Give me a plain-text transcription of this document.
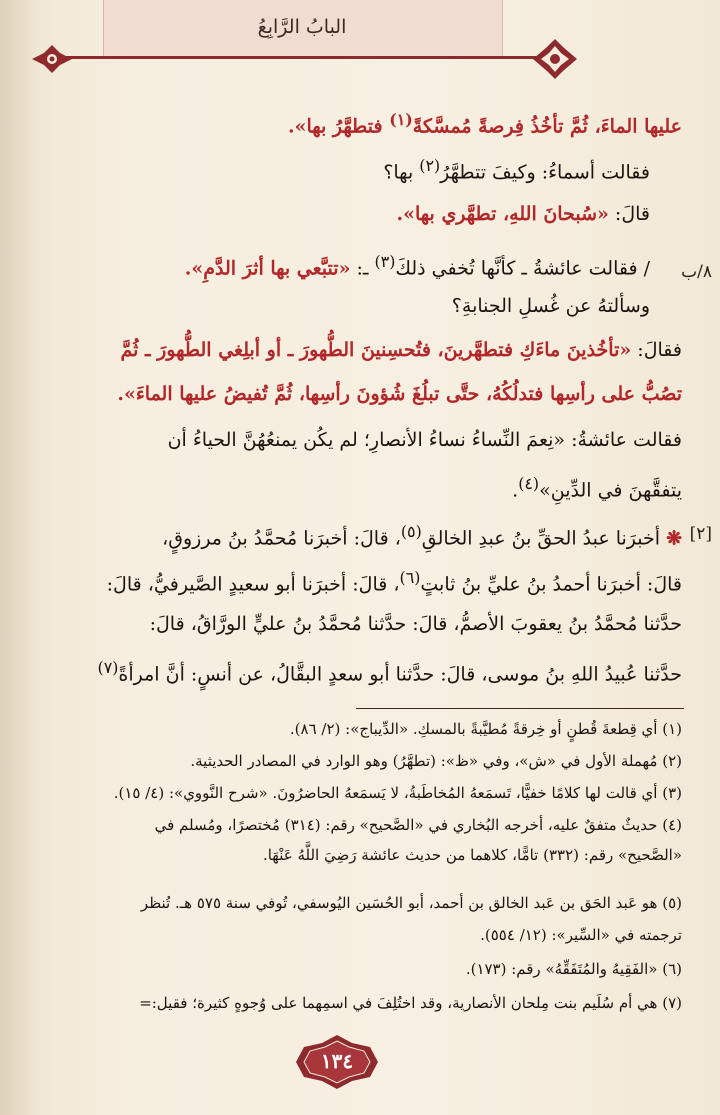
البابُ الرَّابِعُ
٨/ب
[٢]
عليها الماءَ، ثُمَّ تأخُذُ فِرصةً مُمسَّكةً$^{(١)}$ فتطهَّرُ بها».
فقالت أسماءُ: وكيفَ تتطهَّرُ$^{(٢)}$ بها؟
قالَ: «سُبحانَ اللهِ، تطهَّري بها».
/ فقالت عائشةُ ـ كأنَّها تُخفي ذلكَ$^{(٣)}$ ـ: «تتبَّعي بها أثرَ الدَّمِ».
وسألتهُ عن غُسلِ الجنابةِ؟
فقالَ: «تأخُذينَ ماءَكِ فتطهَّرينَ، فتُحسِنينَ الطُّهورَ ـ أو أبلِغي الطُّهورَ ـ ثُمَّ
تصُبُّ على رأسِها فتدلُكُهُ، حتَّى تبلُغَ شُؤونَ رأسِها، ثُمَّ تُفيضُ عليها الماءَ».
فقالت عائشةُ: «نِعمَ النِّساءُ نساءُ الأنصارِ؛ لم يكُن يمنعُهُنَّ الحياءُ أن
يتفقَّهنَ في الدِّينِ»$^{(٤)}$.
❋ أخبرَنا عبدُ الحقِّ بنُ عبدِ الخالقِ$^{(٥)}$، قالَ: أخبرَنا مُحمَّدُ بنُ مرزوقٍ،
قالَ: أخبرَنا أحمدُ بنُ عليِّ بنُ ثابتٍ$^{(٦)}$، قالَ: أخبرَنا أبو سعيدٍ الصَّيرفيُّ، قالَ:
حدَّثنا مُحمَّدُ بنُ يعقوبَ الأصمُّ، قالَ: حدَّثنا مُحمَّدُ بنُ عليٍّ الورَّاقُ، قالَ:
حدَّثنا عُبيدُ اللهِ بنُ موسى، قالَ: حدَّثنا أبو سعدٍ البقَّالُ، عن أنسٍ: أنَّ امرأةً$^{(٧)}$
(١) أي قِطعةَ قُطنٍ أو خِرقةً مُطيَّبةً بالمسكِ. «الدِّيباج»: (٢/ ٨٦).
(٢) مُهملة الأول في «ش»، وفي «ظ»: (تطهَّرُ) وهو الوارد في المصادر الحديثية.
(٣) أي قالت لها كلامًا خفيًّا، تَسمَعهُ المُخاطَبةُ، لا يَسمَعهُ الحاضرُونَ. «شرح النَّووي»: (٤/ ١٥).
(٤) حديثٌ متفقٌ عليه، أخرجه البُخاري في «الصَّحيح» رقم: (٣١٤) مُختصرًا، ومُسلم في
«الصَّحيح» رقم: (٣٣٢) تامًّا، كلاهما من حديث عائشة رَضِيَ اللَّهُ عَنْهَا.
(٥) هو عَبد الحَق بن عَبد الخالق بن أحمد، أبو الحُسَين اليُوسفي، تُوفي سنة ٥٧٥ هـ. تُنظر
ترجمته في «السِّير»: (١٢/ ٥٥٤).
(٦) «الفَقِيهُ والمُتَفَقِّهُ» رقم: (١٧٣).
(٧) هي أم سُلَيم بنت مِلحان الأنصارية، وقد اختُلِفَ في اسمِهما على وُجوهٍ كثيرة؛ فقيل:=
١٣٤
